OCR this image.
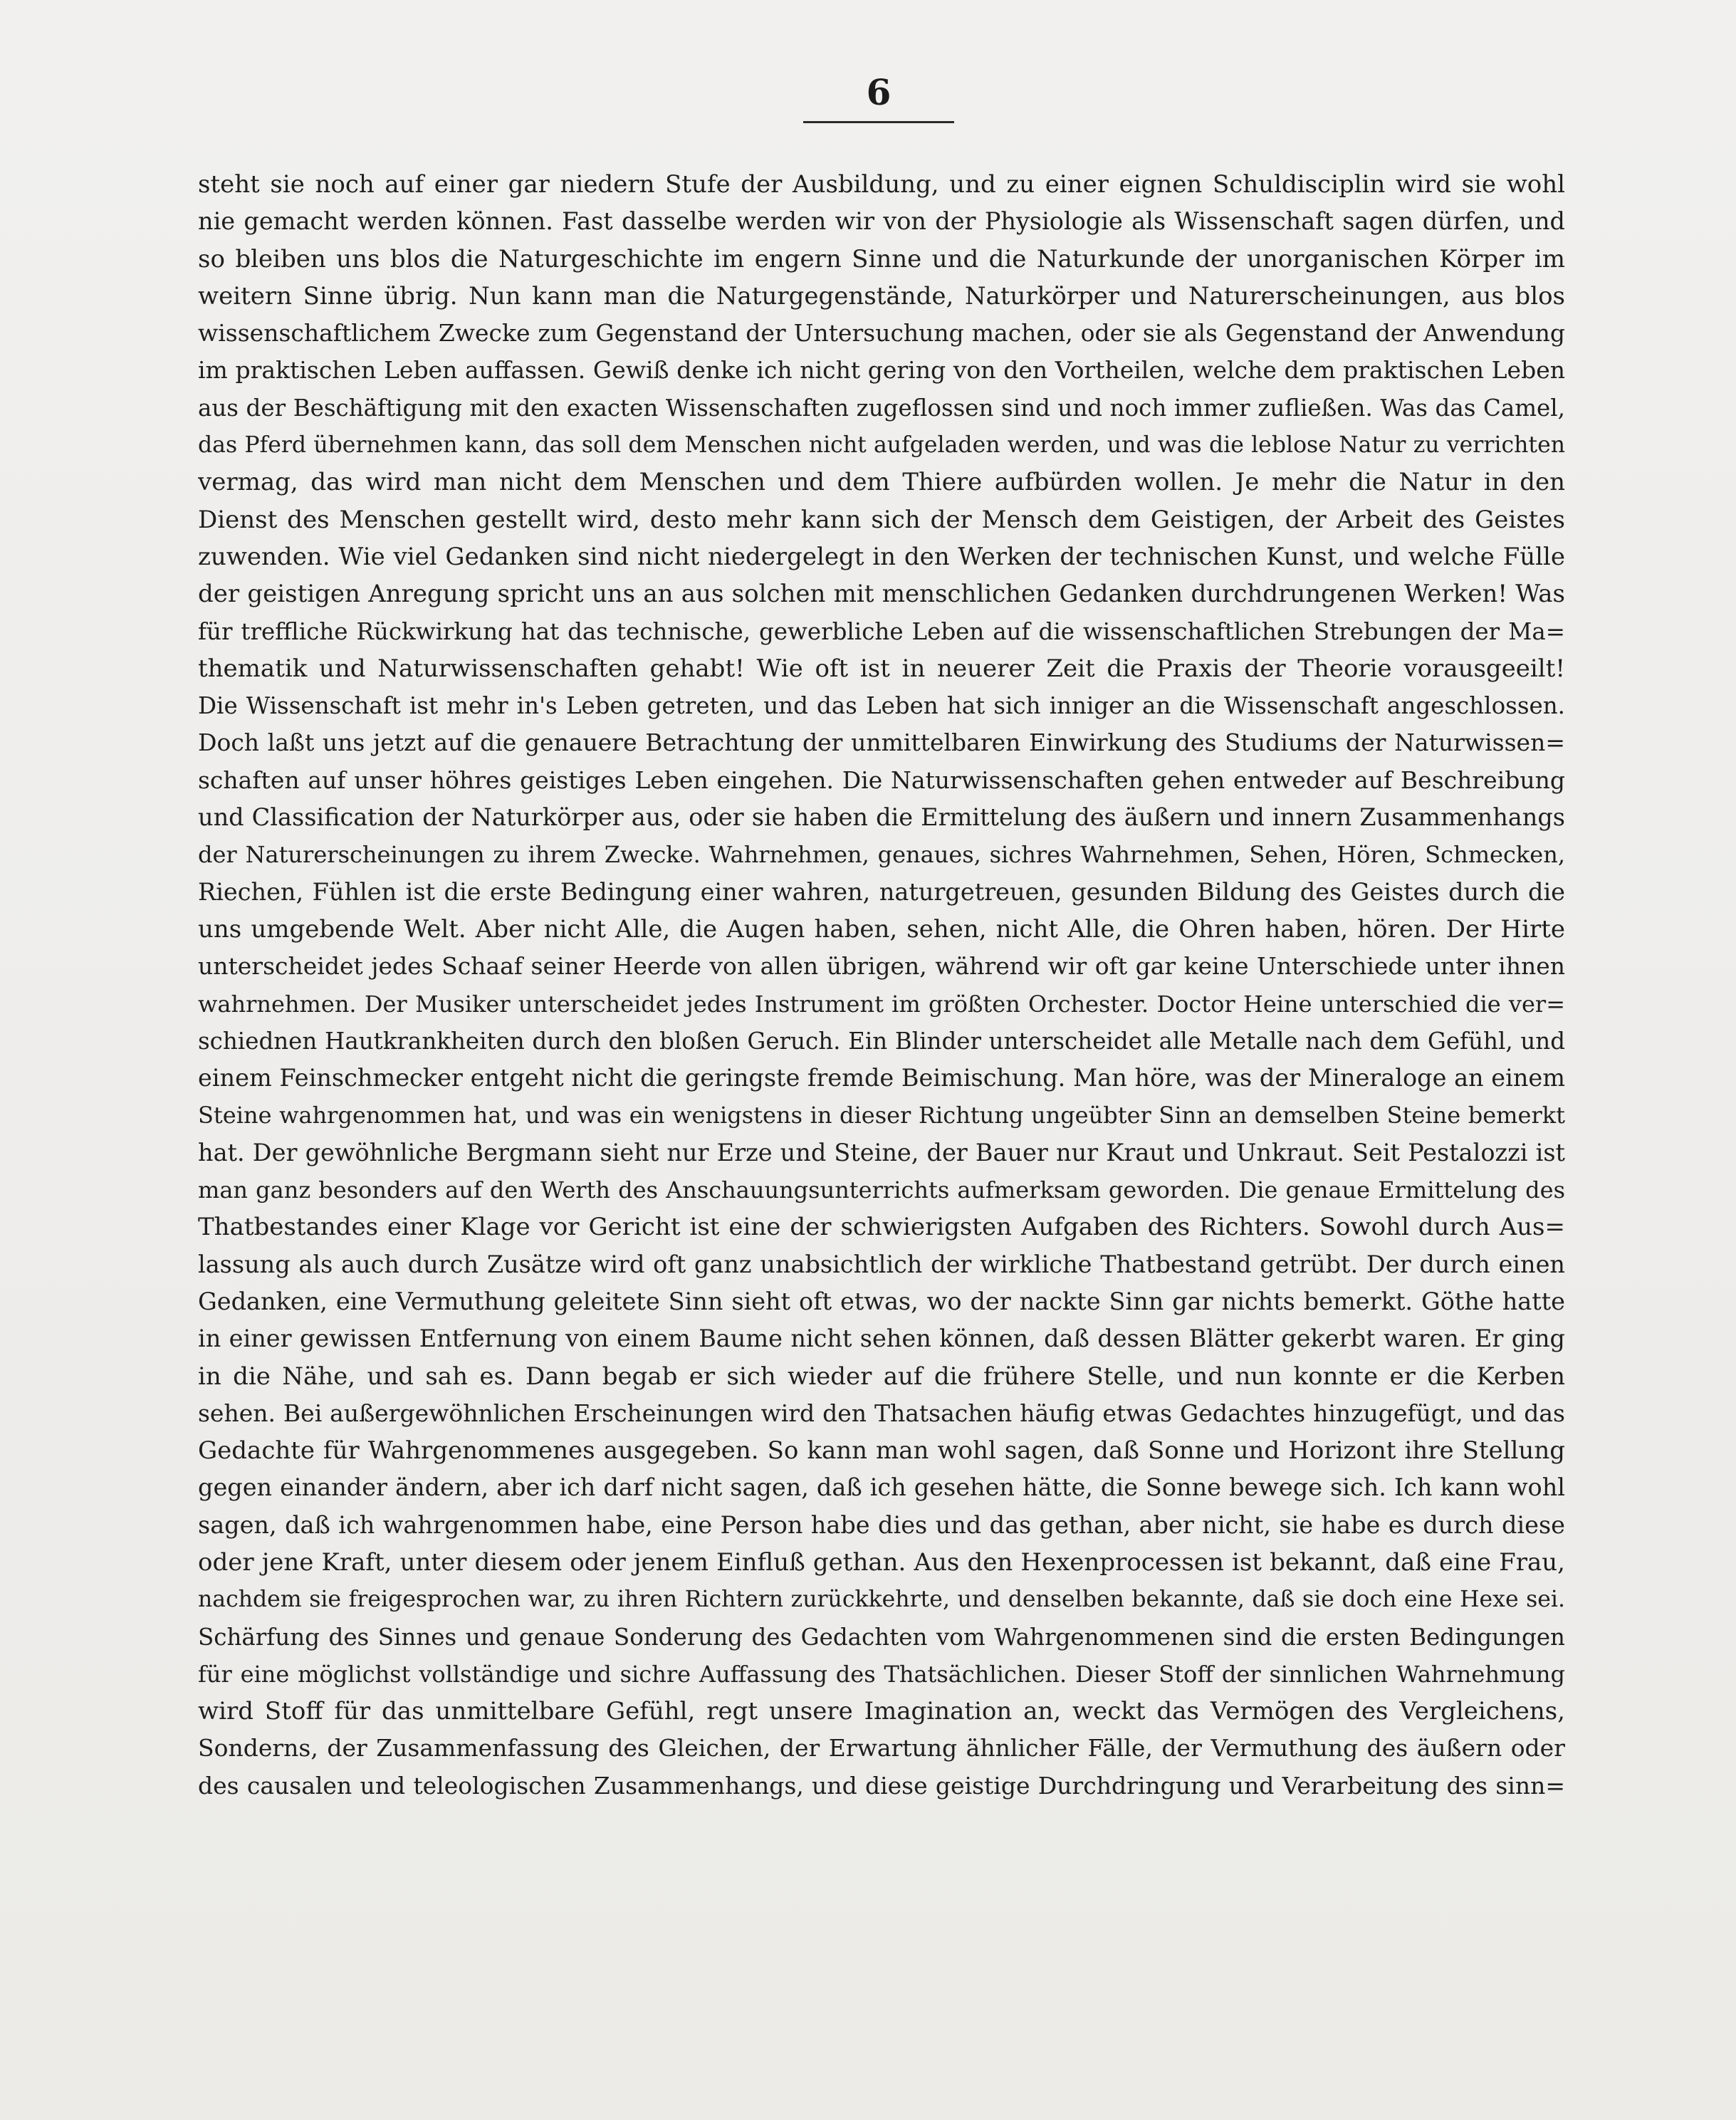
6
steht sie noch auf einer gar niedern Stufe der Ausbildung, und zu einer eignen Schuldisciplin wird sie wohl
nie gemacht werden können. Fast dasselbe werden wir von der Physiologie als Wissenschaft sagen dürfen, und
so bleiben uns blos die Naturgeschichte im engern Sinne und die Naturkunde der unorganischen Körper im
weitern Sinne übrig. Nun kann man die Naturgegenstände, Naturkörper und Naturerscheinungen, aus blos
wissenschaftlichem Zwecke zum Gegenstand der Untersuchung machen, oder sie als Gegenstand der Anwendung
im praktischen Leben auffassen. Gewiß denke ich nicht gering von den Vortheilen, welche dem praktischen Leben
aus der Beschäftigung mit den exacten Wissenschaften zugeflossen sind und noch immer zufließen. Was das Camel,
das Pferd übernehmen kann, das soll dem Menschen nicht aufgeladen werden, und was die leblose Natur zu verrichten
vermag, das wird man nicht dem Menschen und dem Thiere aufbürden wollen. Je mehr die Natur in den
Dienst des Menschen gestellt wird, desto mehr kann sich der Mensch dem Geistigen, der Arbeit des Geistes
zuwenden. Wie viel Gedanken sind nicht niedergelegt in den Werken der technischen Kunst, und welche Fülle
der geistigen Anregung spricht uns an aus solchen mit menschlichen Gedanken durchdrungenen Werken! Was
für treffliche Rückwirkung hat das technische, gewerbliche Leben auf die wissenschaftlichen Strebungen der Ma=
thematik und Naturwissenschaften gehabt! Wie oft ist in neuerer Zeit die Praxis der Theorie vorausgeeilt!
Die Wissenschaft ist mehr in's Leben getreten, und das Leben hat sich inniger an die Wissenschaft angeschlossen.
Doch laßt uns jetzt auf die genauere Betrachtung der unmittelbaren Einwirkung des Studiums der Naturwissen=
schaften auf unser höhres geistiges Leben eingehen. Die Naturwissenschaften gehen entweder auf Beschreibung
und Classification der Naturkörper aus, oder sie haben die Ermittelung des äußern und innern Zusammenhangs
der Naturerscheinungen zu ihrem Zwecke. Wahrnehmen, genaues, sichres Wahrnehmen, Sehen, Hören, Schmecken,
Riechen, Fühlen ist die erste Bedingung einer wahren, naturgetreuen, gesunden Bildung des Geistes durch die
uns umgebende Welt. Aber nicht Alle, die Augen haben, sehen, nicht Alle, die Ohren haben, hören. Der Hirte
unterscheidet jedes Schaaf seiner Heerde von allen übrigen, während wir oft gar keine Unterschiede unter ihnen
wahrnehmen. Der Musiker unterscheidet jedes Instrument im größten Orchester. Doctor Heine unterschied die ver=
schiednen Hautkrankheiten durch den bloßen Geruch. Ein Blinder unterscheidet alle Metalle nach dem Gefühl, und
einem Feinschmecker entgeht nicht die geringste fremde Beimischung. Man höre, was der Mineraloge an einem
Steine wahrgenommen hat, und was ein wenigstens in dieser Richtung ungeübter Sinn an demselben Steine bemerkt
hat. Der gewöhnliche Bergmann sieht nur Erze und Steine, der Bauer nur Kraut und Unkraut. Seit Pestalozzi ist
man ganz besonders auf den Werth des Anschauungsunterrichts aufmerksam geworden. Die genaue Ermittelung des
Thatbestandes einer Klage vor Gericht ist eine der schwierigsten Aufgaben des Richters. Sowohl durch Aus=
lassung als auch durch Zusätze wird oft ganz unabsichtlich der wirkliche Thatbestand getrübt. Der durch einen
Gedanken, eine Vermuthung geleitete Sinn sieht oft etwas, wo der nackte Sinn gar nichts bemerkt. Göthe hatte
in einer gewissen Entfernung von einem Baume nicht sehen können, daß dessen Blätter gekerbt waren. Er ging
in die Nähe, und sah es. Dann begab er sich wieder auf die frühere Stelle, und nun konnte er die Kerben
sehen. Bei außergewöhnlichen Erscheinungen wird den Thatsachen häufig etwas Gedachtes hinzugefügt, und das
Gedachte für Wahrgenommenes ausgegeben. So kann man wohl sagen, daß Sonne und Horizont ihre Stellung
gegen einander ändern, aber ich darf nicht sagen, daß ich gesehen hätte, die Sonne bewege sich. Ich kann wohl
sagen, daß ich wahrgenommen habe, eine Person habe dies und das gethan, aber nicht, sie habe es durch diese
oder jene Kraft, unter diesem oder jenem Einfluß gethan. Aus den Hexenprocessen ist bekannt, daß eine Frau,
nachdem sie freigesprochen war, zu ihren Richtern zurückkehrte, und denselben bekannte, daß sie doch eine Hexe sei.
Schärfung des Sinnes und genaue Sonderung des Gedachten vom Wahrgenommenen sind die ersten Bedingungen
für eine möglichst vollständige und sichre Auffassung des Thatsächlichen. Dieser Stoff der sinnlichen Wahrnehmung
wird Stoff für das unmittelbare Gefühl, regt unsere Imagination an, weckt das Vermögen des Vergleichens,
Sonderns, der Zusammenfassung des Gleichen, der Erwartung ähnlicher Fälle, der Vermuthung des äußern oder
des causalen und teleologischen Zusammenhangs, und diese geistige Durchdringung und Verarbeitung des sinn=
